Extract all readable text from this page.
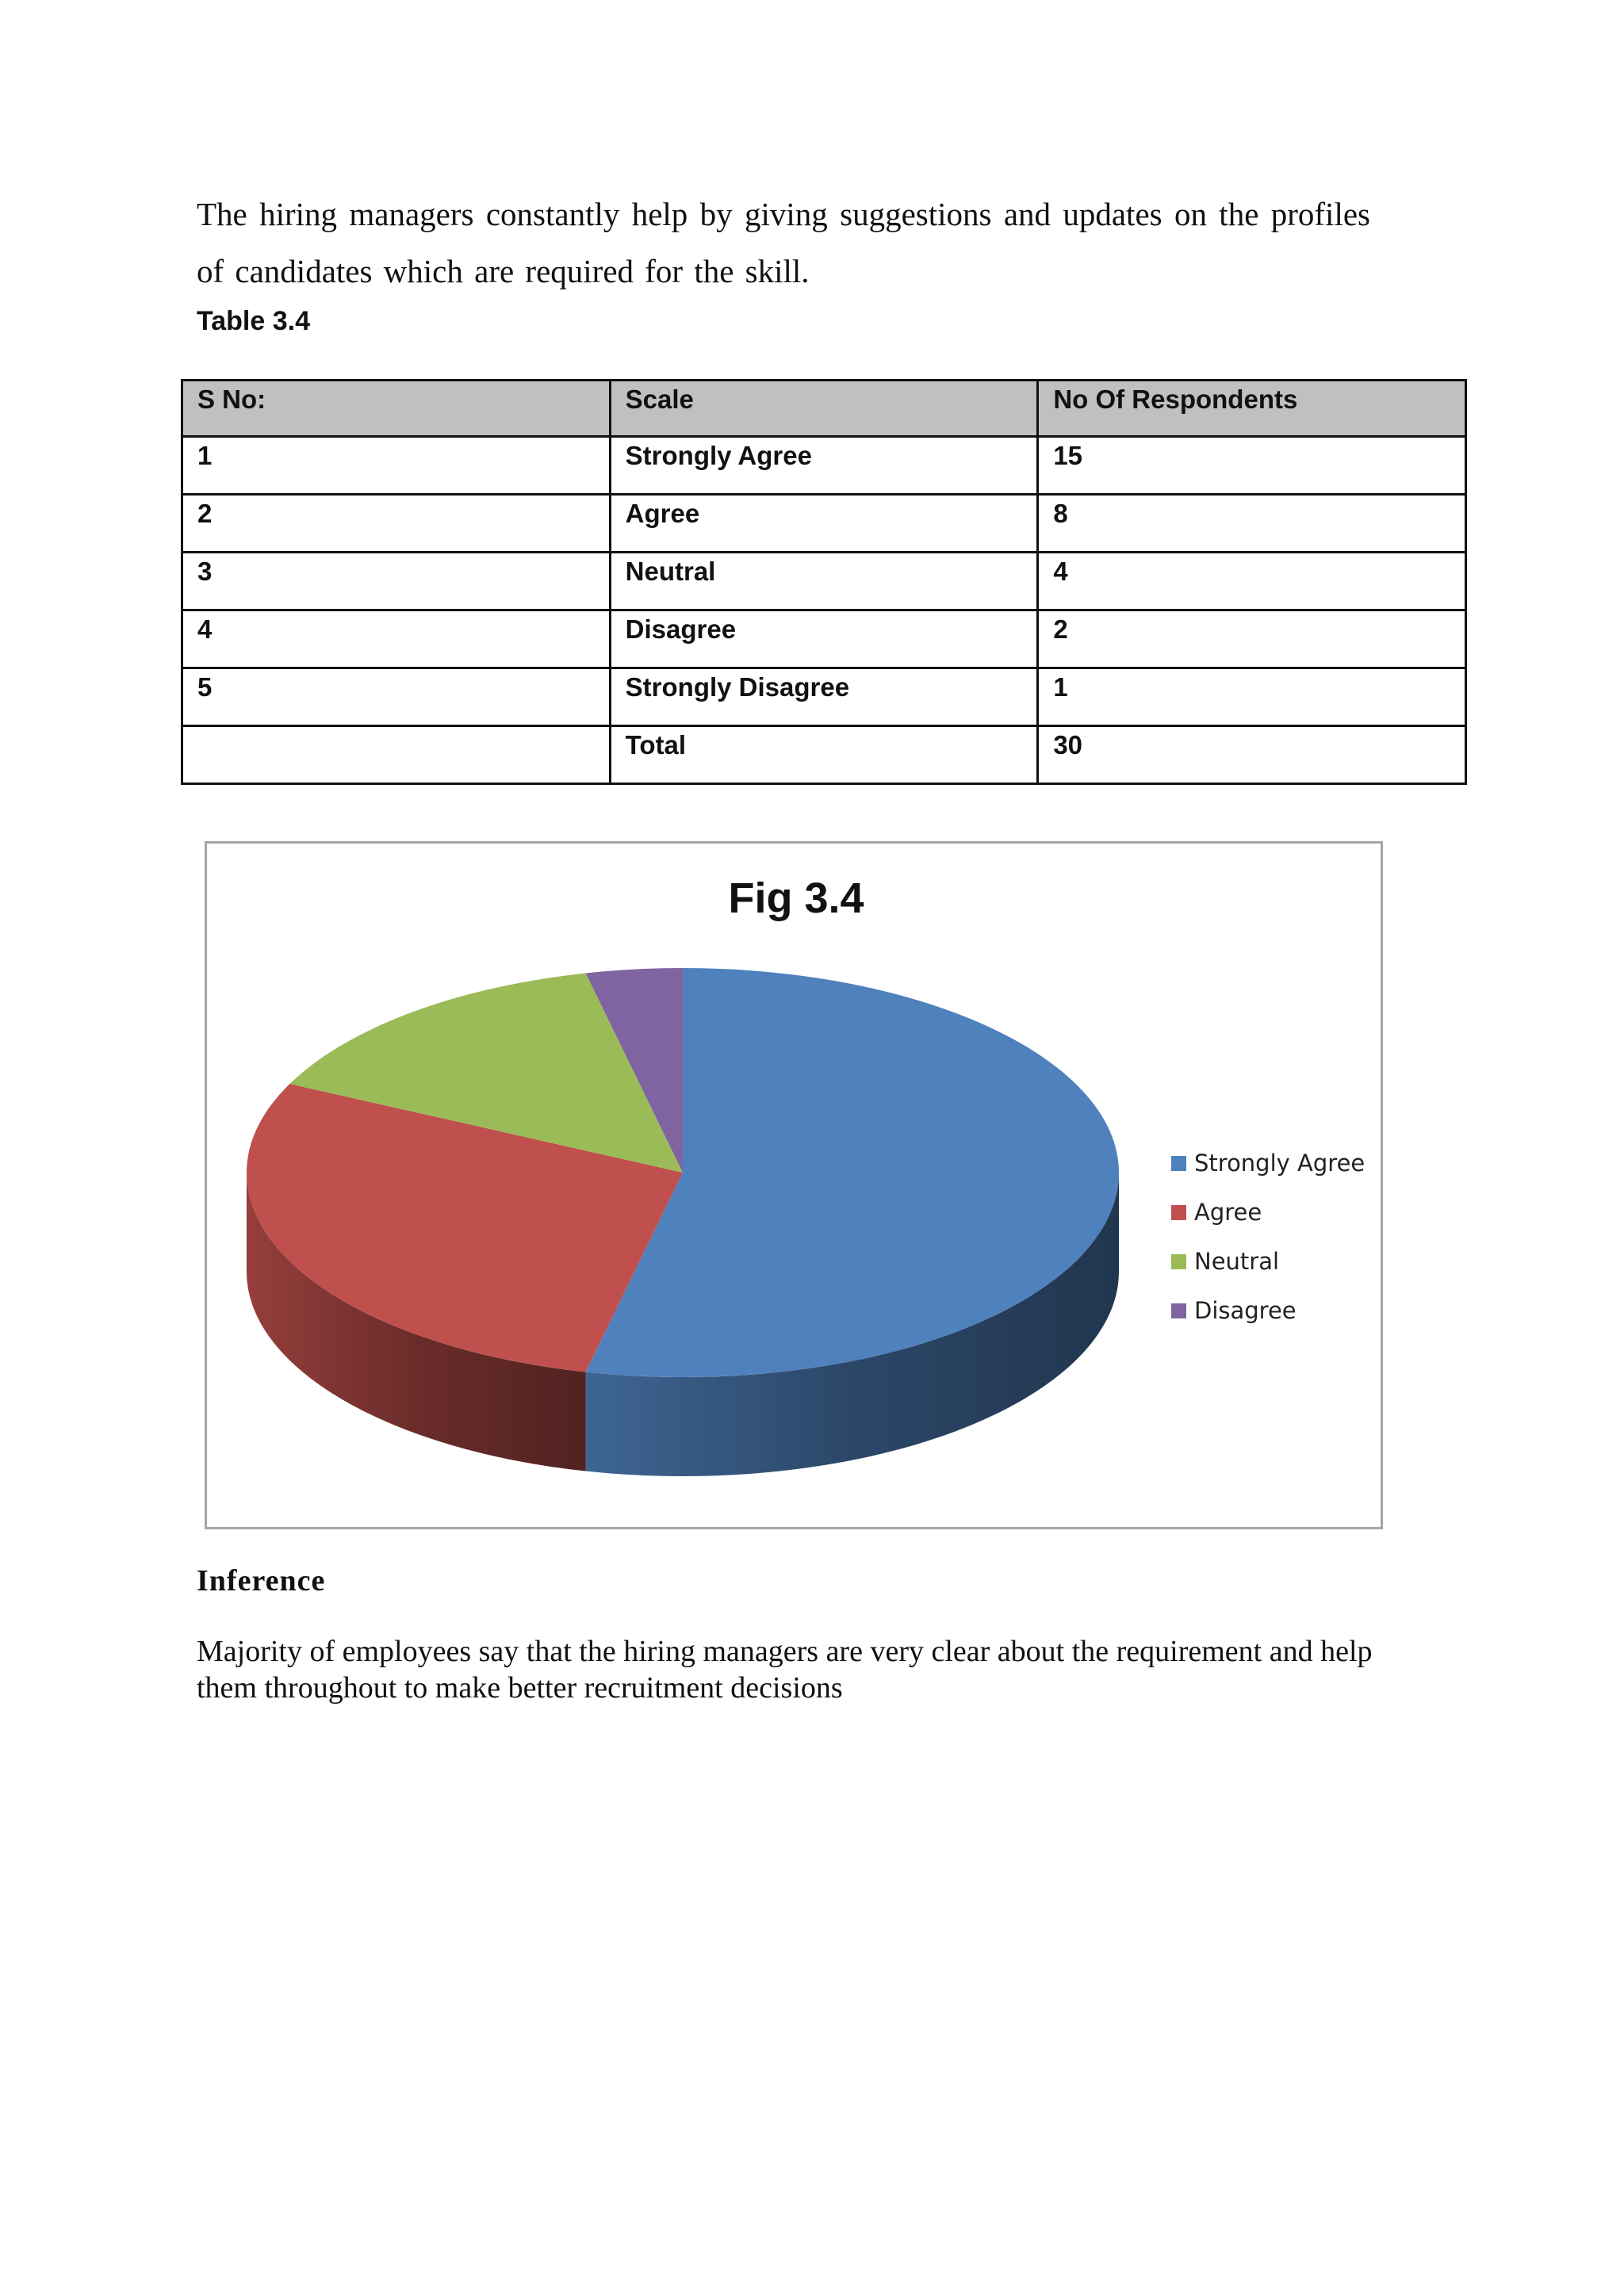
The hiring managers constantly help by giving suggestions and updates on the profiles of candidates which are required for the skill.

Table 3.4

S No:	Scale	No Of Respondents
1	Strongly Agree	15
2	Agree	8
3	Neutral	4
4	Disagree	2
5	Strongly Disagree	1
	Total	30
Fig 3.4
Strongly Agree
Agree
Neutral
Disagree

Inference

Majority of employees say that the hiring managers are very clear about the requirement and help them throughout to make better recruitment decisions
